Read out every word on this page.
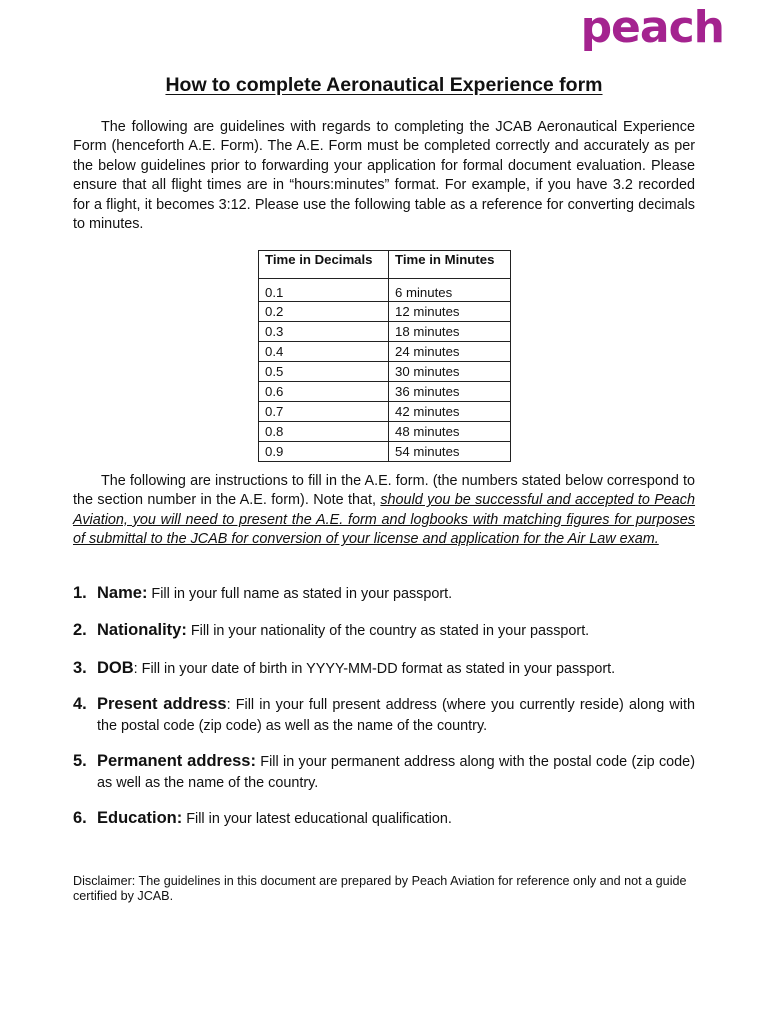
peach
How to complete Aeronautical Experience form

The following are guidelines with regards to completing the JCAB Aeronautical Experience Form (henceforth A.E. Form). The A.E. Form must be completed correctly and accurately as per the below guidelines prior to forwarding your application for formal document evaluation. Please ensure that all flight times are in “hours:minutes” format. For example, if you have 3.2 recorded for a flight, it becomes 3:12. Please use the following table as a reference for converting decimals to minutes.

Time in Decimals	Time in Minutes
0.1	6 minutes
0.2	12 minutes
0.3	18 minutes
0.4	24 minutes
0.5	30 minutes
0.6	36 minutes
0.7	42 minutes
0.8	48 minutes
0.9	54 minutes

The following are instructions to fill in the A.E. form. (the numbers stated below correspond to the section number in the A.E. form). Note that, should you be successful and accepted to Peach Aviation, you will need to present the A.E. form and logbooks with matching figures for purposes of submittal to the JCAB for conversion of your license and application for the Air Law exam.

1. Name: Fill in your full name as stated in your passport.
2. Nationality: Fill in your nationality of the country as stated in your passport.
3. DOB: Fill in your date of birth in YYYY-MM-DD format as stated in your passport.
4. Present address: Fill in your full present address (where you currently reside) along with the postal code (zip code) as well as the name of the country.
5. Permanent address: Fill in your permanent address along with the postal code (zip code) as well as the name of the country.
6. Education: Fill in your latest educational qualification.

Disclaimer: The guidelines in this document are prepared by Peach Aviation for reference only and not a guide certified by JCAB.
